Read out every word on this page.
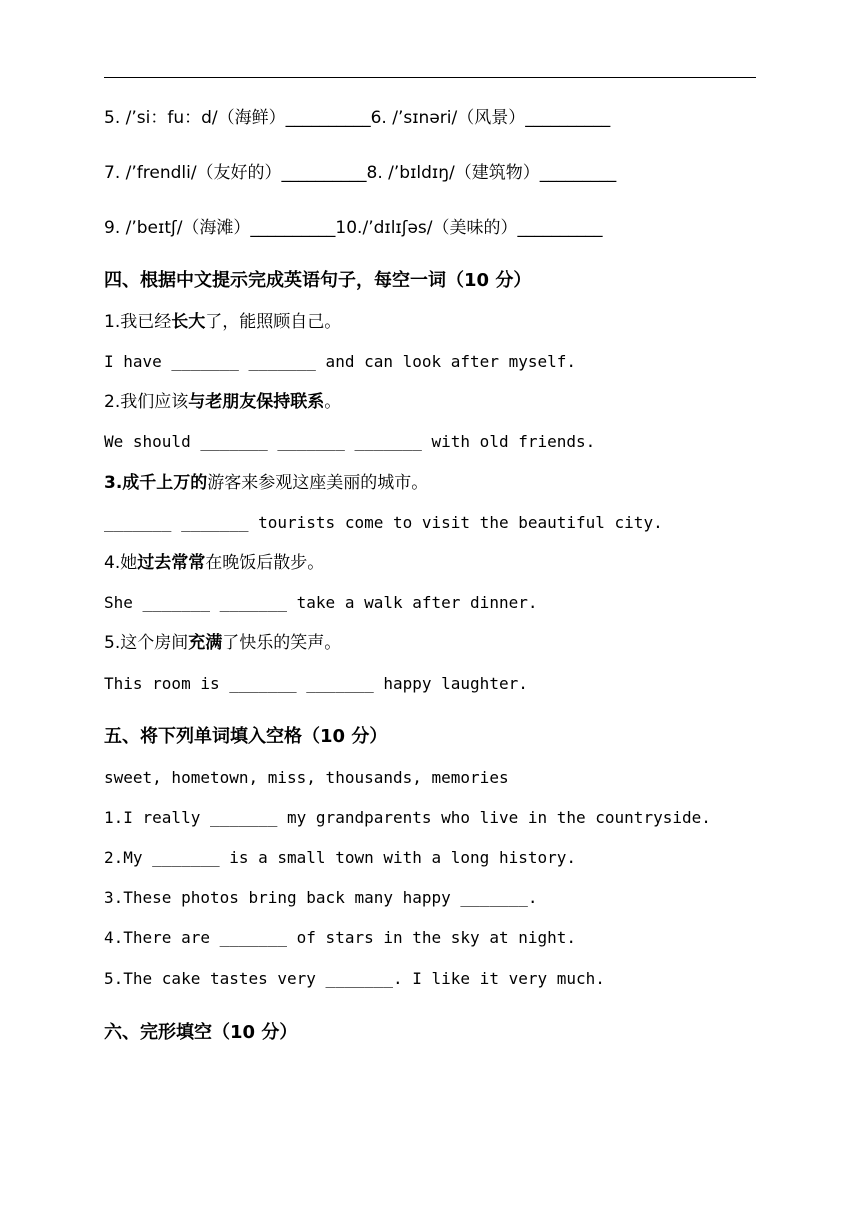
5. /’si：fu：d/（海鲜）__________6. /’sɪnəri/（风景）__________
7. /’frendli/（友好的）__________8. /’bɪldɪŋ/（建筑物）_________
9. /’beɪtʃ/（海滩）__________10./’dɪlɪʃəs/（美味的）__________
四、根据中文提示完成英语句子，每空一词（10 分）
1.我已经长大了，能照顾自己。
I have _______ _______ and can look after myself.
2.我们应该与老朋友保持联系。
We should _______ _______ _______ with old friends.
3.成千上万的游客来参观这座美丽的城市。
_______ _______ tourists come to visit the beautiful city.
4.她过去常常在晚饭后散步。
She _______ _______ take a walk after dinner.
5.这个房间充满了快乐的笑声。
This room is _______ _______ happy laughter.
五、将下列单词填入空格（10 分）
sweet, hometown, miss, thousands, memories
1.I really _______ my grandparents who live in the countryside.
2.My _______ is a small town with a long history.
3.These photos bring back many happy _______.
4.There are _______ of stars in the sky at night.
5.The cake tastes very _______. I like it very much.
六、完形填空（10 分）
